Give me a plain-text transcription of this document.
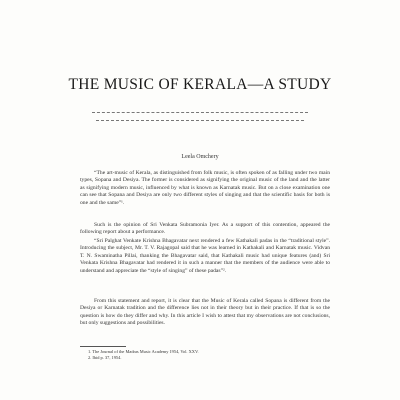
THE MUSIC OF KERALA—A STUDY
Leela Omchery
“The art-music of Kerala, as distinguished from folk music, is often spoken of as falling under two main types, Sopana and Desiya. The former is considered as signifying the original music of the land and the latter as signifying modern music, influenced by what is known as Karnatak music. But on a close examination one can see that Sopana and Desiya are only two different styles of singing and that the scientific basis for both is one and the same”¹.
Such is the opinion of Sri Venkata Subramonia Iyer. As a support of this contention, appeared the following report about a performance.
“Sri Palghat Venkate Krishna Bhagavatar next rendered a few Kathakali padas in the “traditional style”. Introducing the subject, Mr. T. V. Rajagopal said that he was learned in Kathakali and Karnatak music. Vidvan T. N. Swaminatha Pillai, thanking the Bhagavatar said, that Kathakali music had unique features (and) Sri Venkata Krishna Bhagavatar had rendered it in such a manner that the members of the audience were able to understand and appreciate the “style of singing” of these padas”².
From this statement and report, it is clear that the Music of Kerala called Sopana is different from the Desiya or Karnatak tradition and the difference lies not in their theory but in their practice. If that is so the question is how do they differ and why. In this article I wish to attest that my observations are not conclusions, but only suggestions and possibilities.
1. The Journal of the Madras Music Academy 1954, Vol. XXV.
2. Ibid p. 37, 1954.
